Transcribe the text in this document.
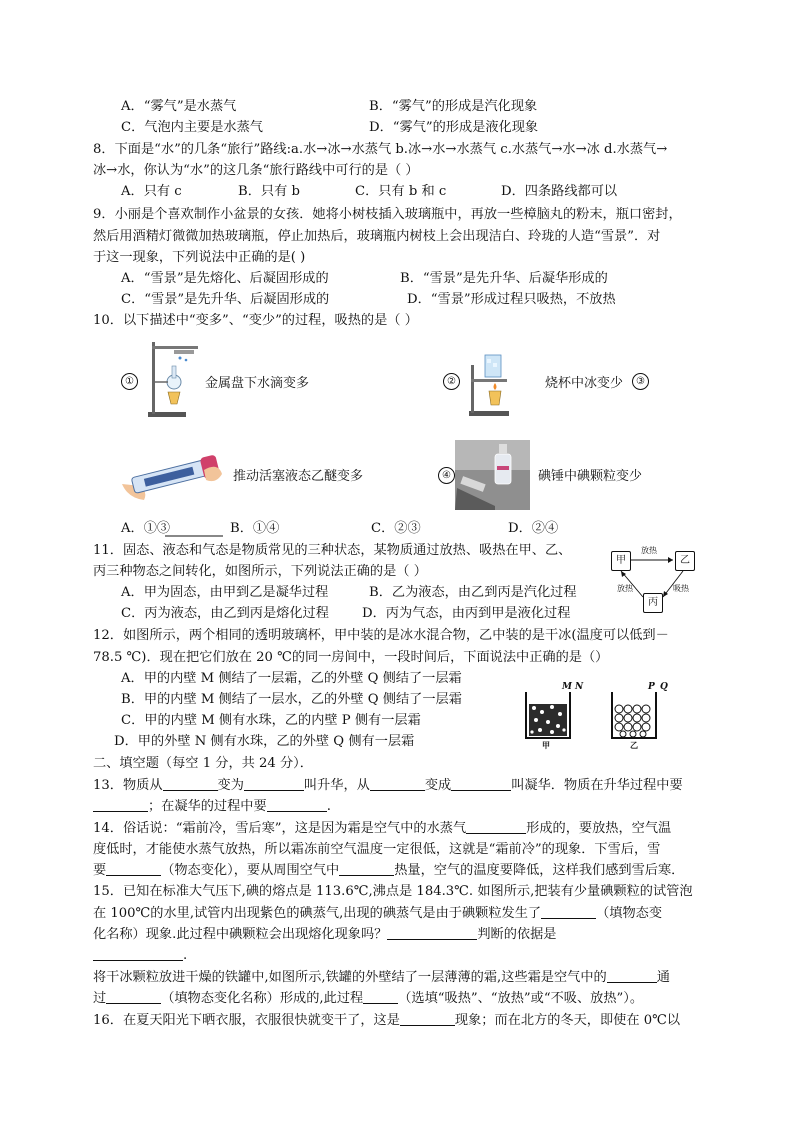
A．“雾气”是水蒸气	B．“雾气”的形成是汽化现象
C．气泡内主要是水蒸气	D．“雾气”的形成是液化现象
8．下面是“水”的几条“旅行”路线:a.水→冰→水蒸气 b.冰→水→水蒸气 c.水蒸气→水→冰 d.水蒸气→
冰→水，你认为“水”的这几条“旅行路线中可行的是（ ）
A．只有 c	B．只有 b	C．只有 b 和 c	D．四条路线都可以
9．小丽是个喜欢制作小盆景的女孩．她将小树枝插入玻璃瓶中，再放一些樟脑丸的粉末，瓶口密封，
然后用酒精灯微微加热玻璃瓶，停止加热后，玻璃瓶内树枝上会出现洁白、玲珑的人造“雪景”．对
于这一现象，下列说法中正确的是( )
A．“雪景”是先熔化、后凝固形成的	B．“雪景”是先升华、后凝华形成的
C．“雪景”是先升华、后凝固形成的	D．“雪景”形成过程只吸热，不放热
10．以下描述中“变多”、“变少”的过程，吸热的是（ ）
①	金属盘下水滴变多	②	烧杯中冰变少	③
推动活塞液态乙醚变多	④	碘锤中碘颗粒变少
A．①③	B．①④	C．②③	D．②④
11．固态、液态和气态是物质常见的三种状态，某物质通过放热、吸热在甲、乙、
丙三种物态之间转化，如图所示，下列说法正确的是（ ）
A．甲为固态，由甲到乙是凝华过程	B．乙为液态，由乙到丙是汽化过程
C．丙为液态，由乙到丙是熔化过程	D．丙为气态，由丙到甲是液化过程
甲	乙
丙
放热
放热	吸热
12．如图所示，两个相同的透明玻璃杯，甲中装的是冰水混合物，乙中装的是干冰(温度可以低到－
78.5 ℃)．现在把它们放在 20 ℃的同一房间中，一段时间后，下面说法中正确的是（）
A．甲的内壁 M 侧结了一层霜，乙的外壁 Q 侧结了一层霜
B．甲的内壁 M 侧结了一层水，乙的外壁 Q 侧结了一层霜
C．甲的内壁 M 侧有水珠，乙的内壁 P 侧有一层霜
D．甲的外壁 N 侧有水珠，乙的外壁 Q 侧有一层霜
M N
甲
P Q
乙
二、填空题（每空 1 分，共 24 分）．
13．物质从	变为	叫升华，从	变成	叫凝华．物质在升华过程中要
；在凝华的过程中要	.
14．俗话说：“霜前冷，雪后寒”，这是因为霜是空气中的水蒸气	形成的，要放热，空气温
度低时，才能使水蒸气放热，所以霜冻前空气温度一定很低，这就是“霜前冷”的现象．下雪后，雪
要	（物态变化），要从周围空气中	热量，空气的温度要降低，这样我们感到雪后寒．
15．已知在标准大气压下,碘的熔点是 113.6℃,沸点是 184.3℃. 如图所示,把装有少量碘颗粒的试管泡
在 100℃的水里,试管内出现紫色的碘蒸气,出现的碘蒸气是由于碘颗粒发生了	（填物态变
化名称）现象.此过程中碘颗粒会出现熔化现象吗？	判断的依据是
.
将干冰颗粒放进干燥的铁罐中,如图所示,铁罐的外壁结了一层薄薄的霜,这些霜是空气中的	通
过	（填物态变化名称）形成的,此过程	（选填“吸热”、“放热”或“不吸、放热”）。
16．在夏天阳光下晒衣服，衣服很快就变干了，这是	现象；而在北方的冬天，即使在 0℃以
